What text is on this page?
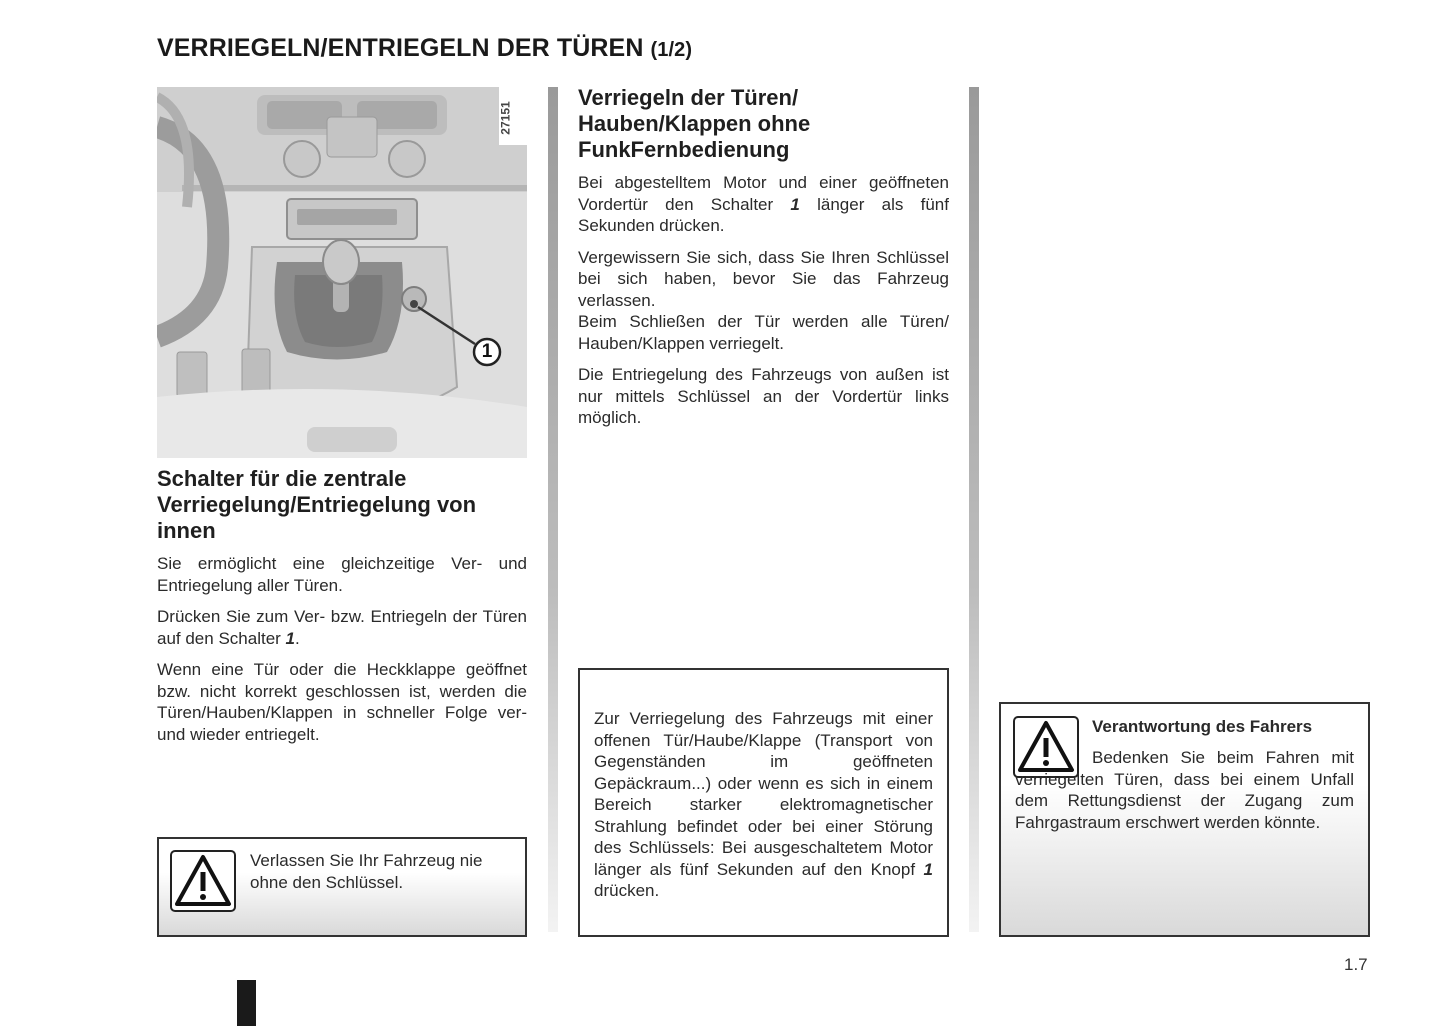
VERRIEGELN/ENTRIEGELN DER TÜREN (1/2)
27151
1
Schalter für die zentrale Verriegelung/Entriegelung von innen

Sie ermöglicht eine gleichzeitige Ver- und Entriegelung aller Türen.

Drücken Sie zum Ver- bzw. Entriegeln der Türen auf den Schalter 1.

Wenn eine Tür oder die Heckklappe geöffnet bzw. nicht korrekt geschlossen ist, werden die Türen/Hauben/Klappen in schneller Folge ver- und wieder entriegelt.

Verlassen Sie Ihr Fahrzeug nie ohne den Schlüssel.
Verriegeln der Türen/ Hauben/Klappen ohne FunkFernbedienung

Bei abgestelltem Motor und einer geöffneten Vordertür den Schalter 1 länger als fünf Sekunden drücken.

Vergewissern Sie sich, dass Sie Ihren Schlüssel bei sich haben, bevor Sie das Fahrzeug verlassen.

Beim Schließen der Tür werden alle Türen/ Hauben/Klappen verriegelt.

Die Entriegelung des Fahrzeugs von außen ist nur mittels Schlüssel an der Vordertür links möglich.

Zur Verriegelung des Fahrzeugs mit einer offenen Tür/Haube/Klappe (Transport von Gegenständen im geöffneten Gepäckraum...) oder wenn es sich in einem Bereich starker elektromagnetischer Strahlung befindet oder bei einer Störung des Schlüssels: Bei ausgeschaltetem Motor länger als fünf Sekunden auf den Knopf 1 drücken.
Verantwortung des Fahrers
Bedenken Sie beim Fahren mit verriegelten Türen, dass bei einem Unfall dem Rettungsdienst der Zugang zum Fahrgastraum erschwert werden könnte.
1.7
